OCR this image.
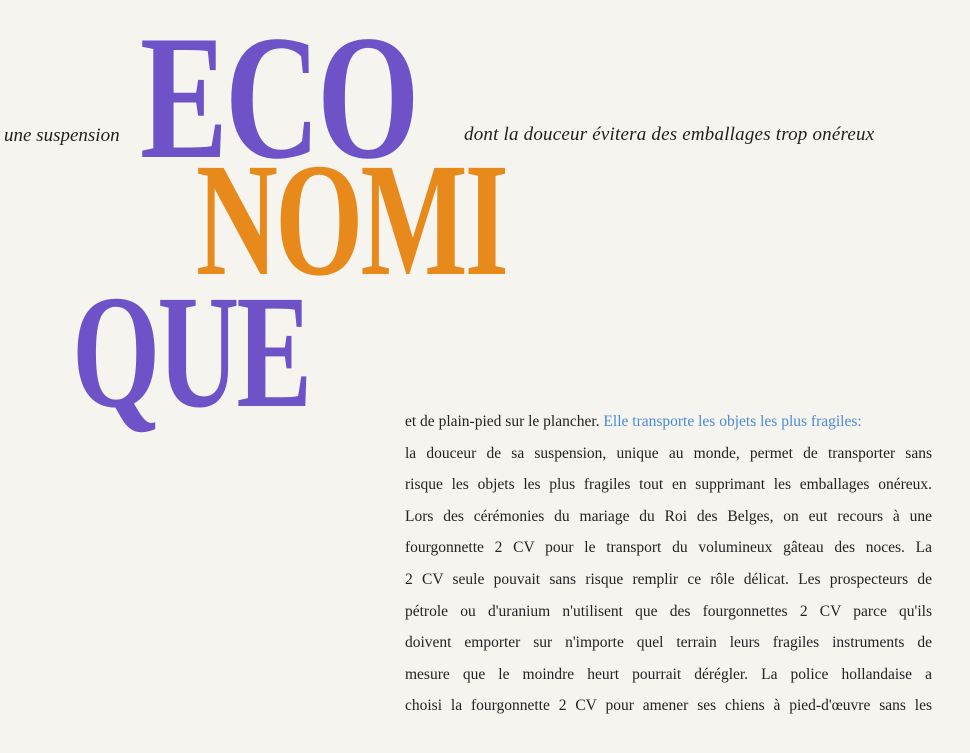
ECO
NOMI
QUE
une suspension	dont la douceur évitera des emballages trop onéreux
et de plain-pied sur le plancher. Elle transporte les objets les plus fragiles:
la douceur de sa suspension, unique au monde, permet de transporter sans
risque les objets les plus fragiles tout en supprimant les emballages onéreux.
Lors des cérémonies du mariage du Roi des Belges, on eut recours à une
fourgonnette 2 CV pour le transport du volumineux gâteau des noces. La
2 CV seule pouvait sans risque remplir ce rôle délicat. Les prospecteurs de
pétrole ou d'uranium n'utilisent que des fourgonnettes 2 CV parce qu'ils
doivent emporter sur n'importe quel terrain leurs fragiles instruments de
mesure que le moindre heurt pourrait dérégler. La police hollandaise a
choisi la fourgonnette 2 CV pour amener ses chiens à pied-d'œuvre sans les
